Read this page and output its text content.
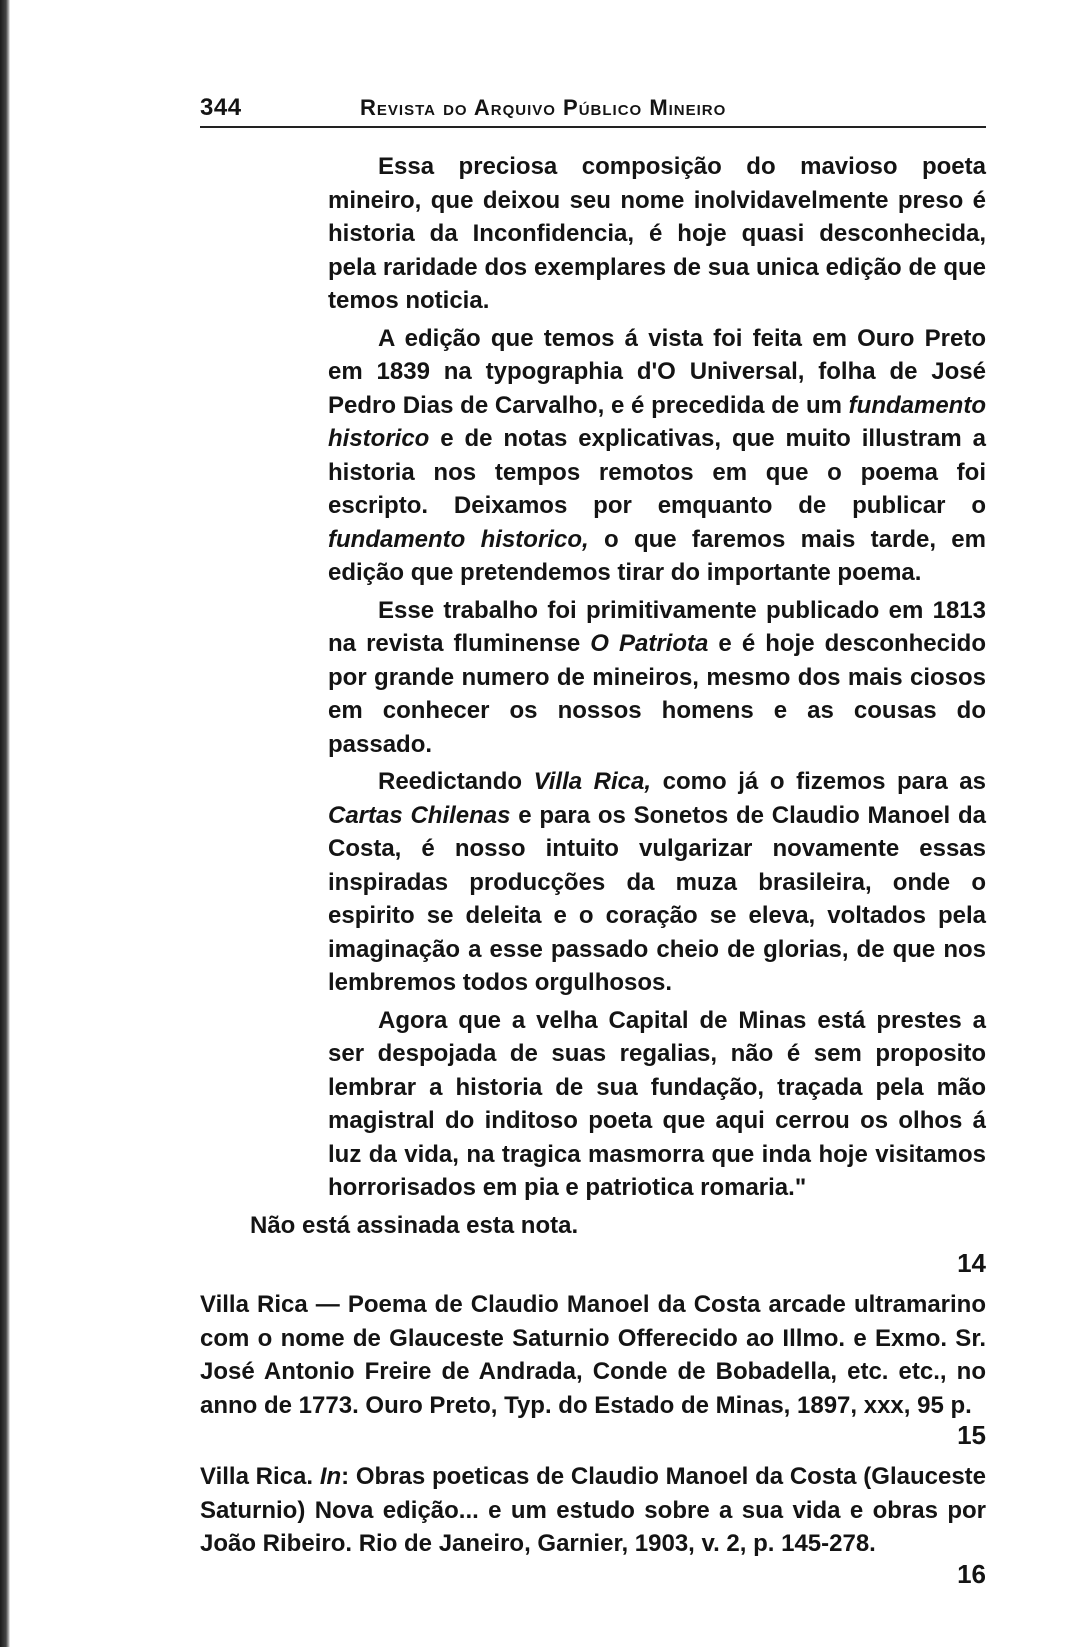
344	Revista do Arquivo Público Mineiro

Essa preciosa composição do mavioso poeta mineiro, que deixou seu nome inolvidavelmente preso é historia da Inconfidencia, é hoje quasi desconhecida, pela raridade dos exemplares de sua unica edição de que temos noticia.

A edição que temos á vista foi feita em Ouro Preto em 1839 na typographia d'O Universal, folha de José Pedro Dias de Carvalho, e é precedida de um fundamento historico e de notas explicativas, que muito illustram a historia nos tempos remotos em que o poema foi escripto. Deixamos por emquanto de publicar o fundamento historico, o que faremos mais tarde, em edição que pretendemos tirar do importante poema.

Esse trabalho foi primitivamente publicado em 1813 na revista fluminense O Patriota e é hoje desconhecido por grande numero de mineiros, mesmo dos mais ciosos em conhecer os nossos homens e as cousas do passado.

Reedictando Villa Rica, como já o fizemos para as Cartas Chilenas e para os Sonetos de Claudio Manoel da Costa, é nosso intuito vulgarizar novamente essas inspiradas producções da muza brasileira, onde o espirito se deleita e o coração se eleva, voltados pela imaginação a esse passado cheio de glorias, de que nos lembremos todos orgulhosos.

Agora que a velha Capital de Minas está prestes a ser despojada de suas regalias, não é sem proposito lembrar a historia de sua fundação, traçada pela mão magistral do inditoso poeta que aqui cerrou os olhos á luz da vida, na tragica masmorra que inda hoje visitamos horrorisados em pia e patriotica romaria."

Não está assinada esta nota.

14

Villa Rica — Poema de Claudio Manoel da Costa arcade ultramarino com o nome de Glauceste Saturnio Offerecido ao Illmo. e Exmo. Sr. José Antonio Freire de Andrada, Conde de Bobadella, etc. etc., no anno de 1773. Ouro Preto, Typ. do Estado de Minas, 1897, xxx, 95 p.

15

Villa Rica. In: Obras poeticas de Claudio Manoel da Costa (Glauceste Saturnio) Nova edição... e um estudo sobre a sua vida e obras por João Ribeiro. Rio de Janeiro, Garnier, 1903, v. 2, p. 145-278.

16
